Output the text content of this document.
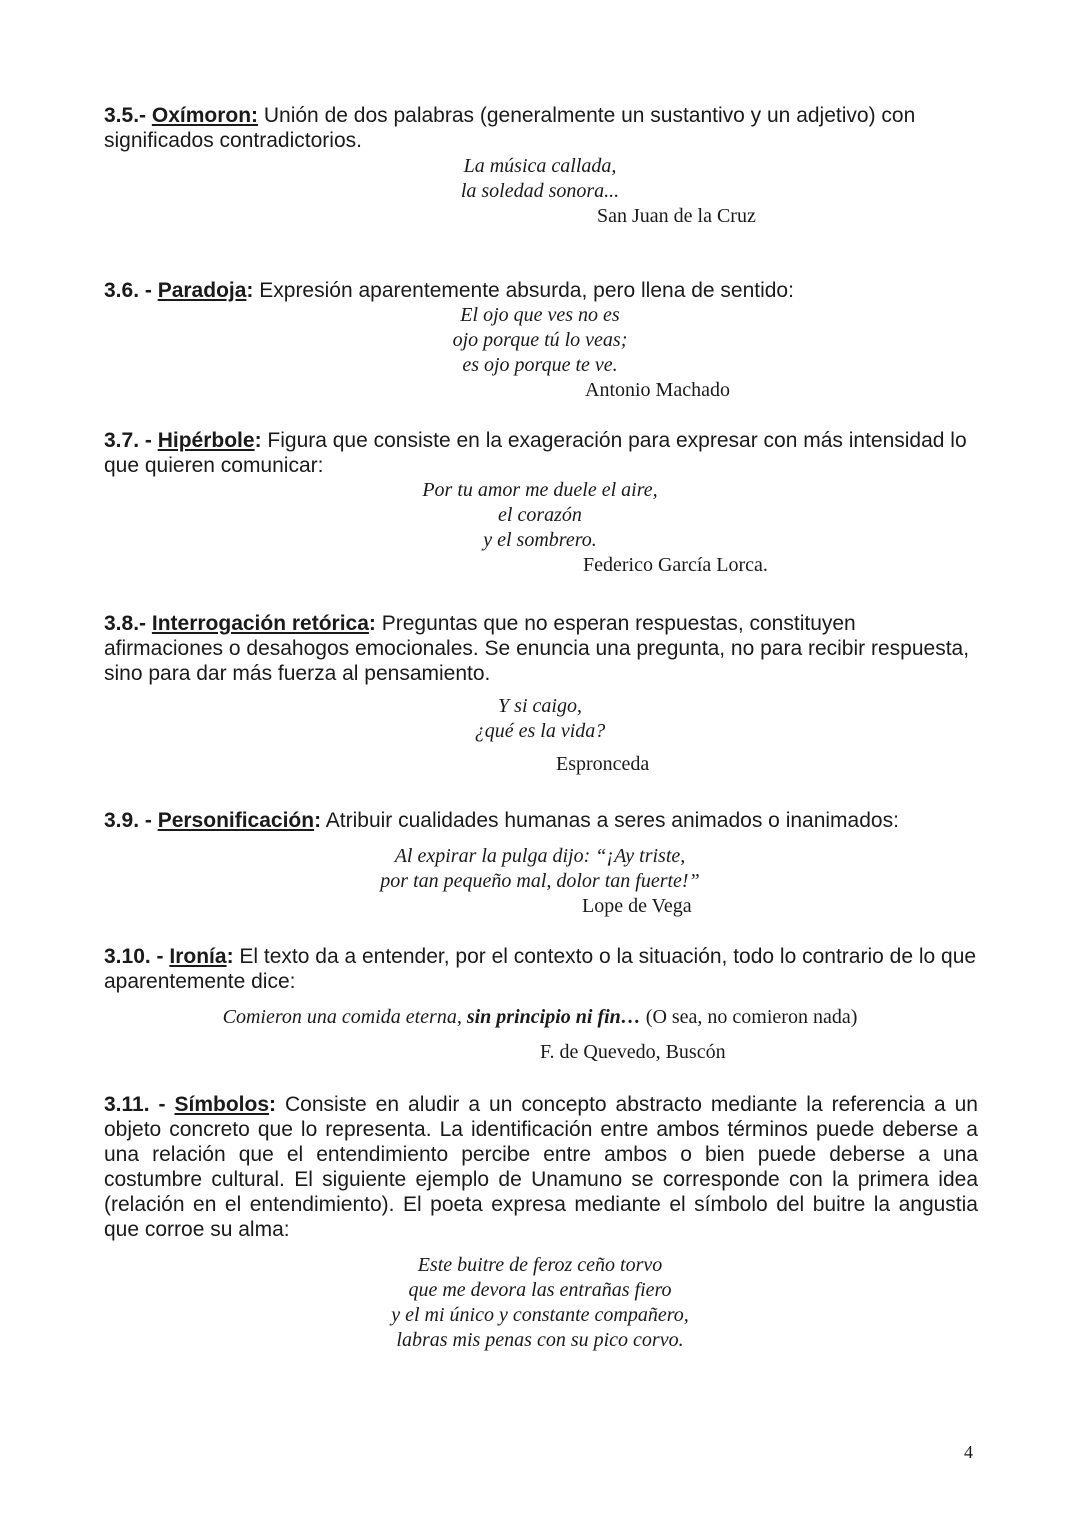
3.5.- Oxímoron: Unión de dos palabras (generalmente un sustantivo y un adjetivo) con significados contradictorios.

La música callada,

la soledad sonora...

San Juan de la Cruz

3.6. - Paradoja: Expresión aparentemente absurda, pero llena de sentido:

El ojo que ves no es

ojo porque tú lo veas;

es ojo porque te ve.

Antonio Machado

3.7. - Hipérbole: Figura que consiste en la exageración para expresar con más intensidad lo que quieren comunicar:

Por tu amor me duele el aire,

el corazón

y el sombrero.

Federico García Lorca.

3.8.- Interrogación retórica: Preguntas que no esperan respuestas, constituyen afirmaciones o desahogos emocionales. Se enuncia una pregunta, no para recibir respuesta, sino para dar más fuerza al pensamiento.

Y si caigo,

¿qué es la vida?

Espronceda

3.9. - Personificación: Atribuir cualidades humanas a seres animados o inanimados:

Al expirar la pulga dijo: “¡Ay triste,

por tan pequeño mal, dolor tan fuerte!”

Lope de Vega

3.10. - Ironía: El texto da a entender, por el contexto o la situación, todo lo contrario de lo que aparentemente dice:

Comieron una comida eterna, sin principio ni fin… (O sea, no comieron nada)

F. de Quevedo, Buscón

3.11. - Símbolos: Consiste en aludir a un concepto abstracto mediante la referencia a un objeto concreto que lo representa. La identificación entre ambos términos puede deberse a una relación que el entendimiento percibe entre ambos o bien puede deberse a una costumbre cultural. El siguiente ejemplo de Unamuno se corresponde con la primera idea (relación en el entendimiento). El poeta expresa mediante el símbolo del buitre la angustia que corroe su alma:

Este buitre de feroz ceño torvo

que me devora las entrañas fiero

y el mi único y constante compañero,

labras mis penas con su pico corvo.

4
